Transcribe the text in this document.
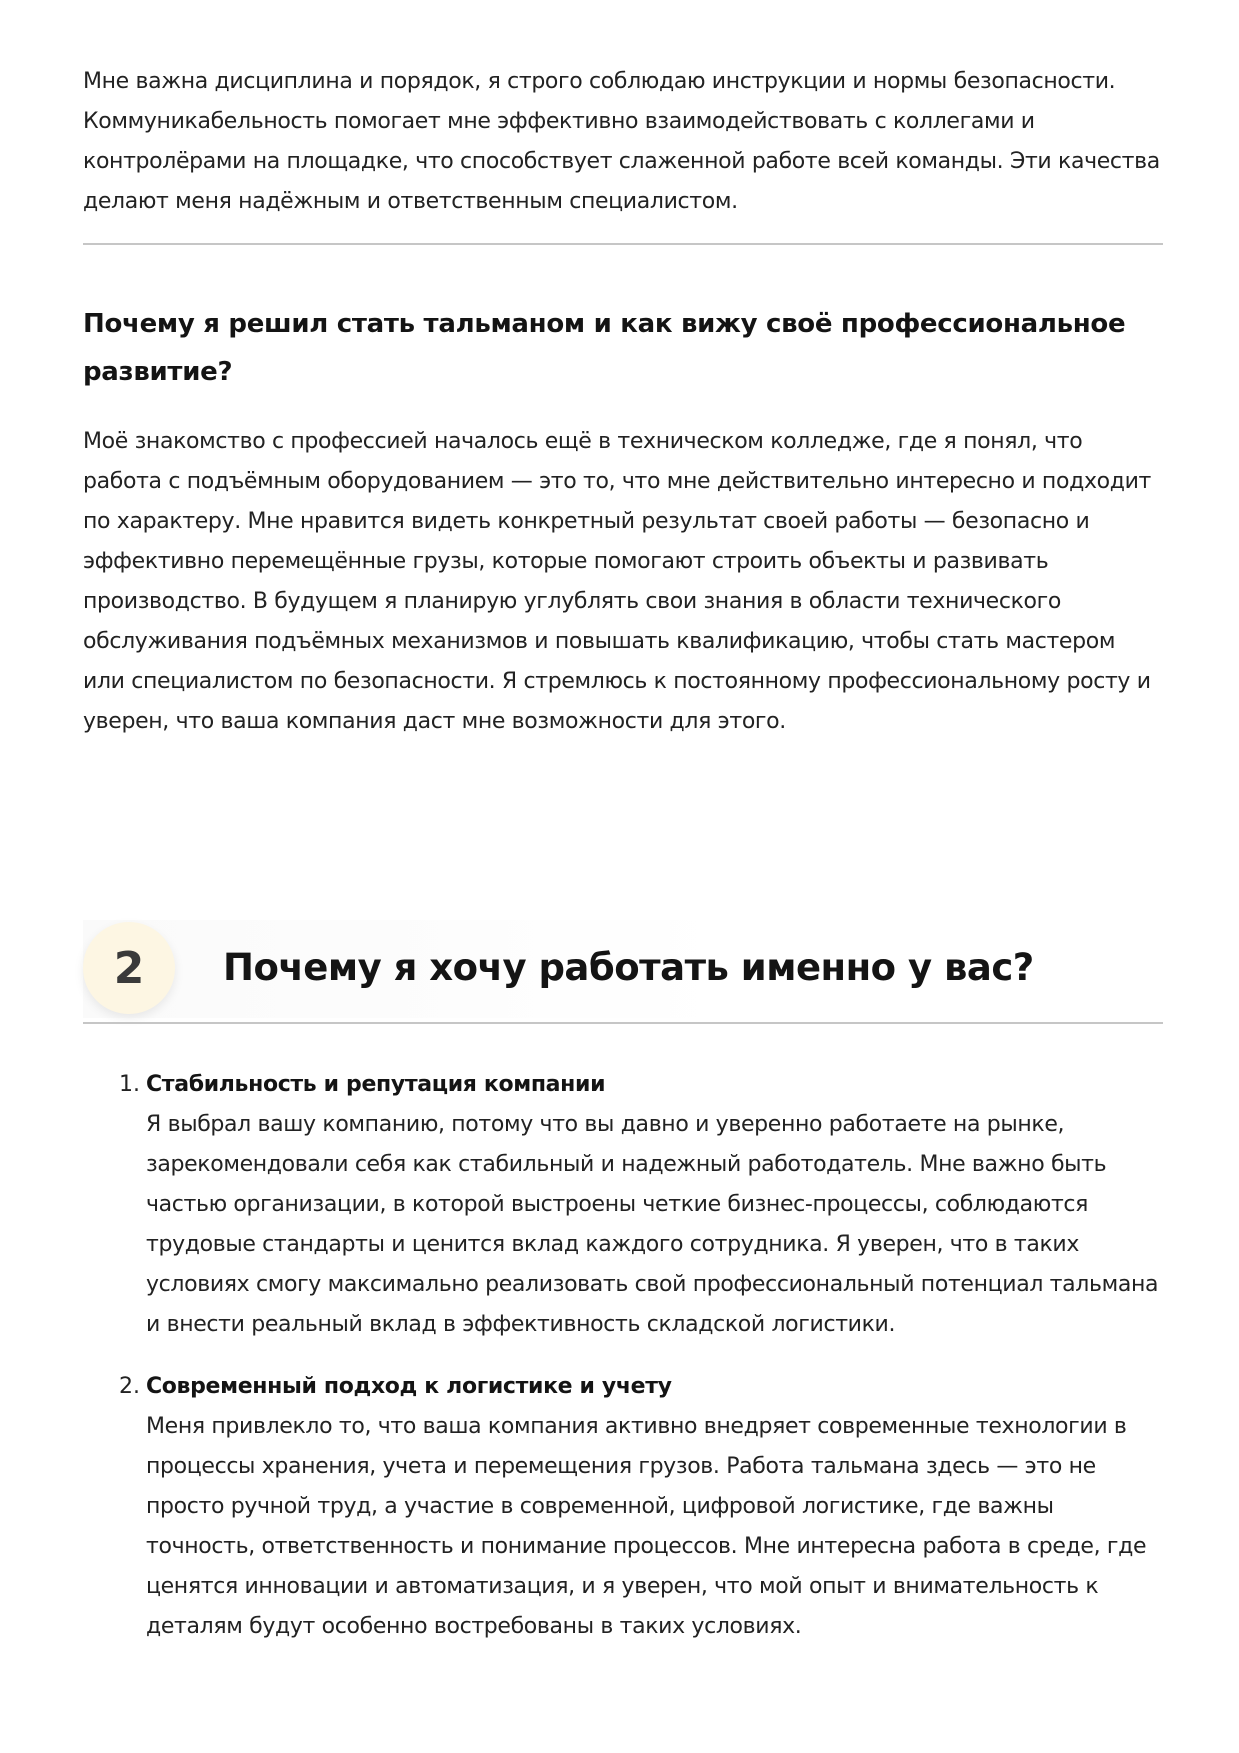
Мне важна дисциплина и порядок, я строго соблюдаю инструкции и нормы безопасности. Коммуникабельность помогает мне эффективно взаимодействовать с коллегами и контролёрами на площадке, что способствует слаженной работе всей команды. Эти качества делают меня надёжным и ответственным специалистом.

Почему я решил стать тальманом и как вижу своё профессиональное развитие?

Моё знакомство с профессией началось ещё в техническом колледже, где я понял, что работа с подъёмным оборудованием — это то, что мне действительно интересно и подходит по характеру. Мне нравится видеть конкретный результат своей работы — безопасно и эффективно перемещённые грузы, которые помогают строить объекты и развивать производство. В будущем я планирую углублять свои знания в области технического обслуживания подъёмных механизмов и повышать квалификацию, чтобы стать мастером или специалистом по безопасности. Я стремлюсь к постоянному профессиональному росту и уверен, что ваша компания даст мне возможности для этого.

2	Почему я хочу работать именно у вас?
1. Стабильность и репутация компании
Я выбрал вашу компанию, потому что вы давно и уверенно работаете на рынке, зарекомендовали себя как стабильный и надежный работодатель. Мне важно быть частью организации, в которой выстроены четкие бизнес-процессы, соблюдаются трудовые стандарты и ценится вклад каждого сотрудника. Я уверен, что в таких условиях смогу максимально реализовать свой профессиональный потенциал тальмана и внести реальный вклад в эффективность складской логистики.
2. Современный подход к логистике и учету
Меня привлекло то, что ваша компания активно внедряет современные технологии в процессы хранения, учета и перемещения грузов. Работа тальмана здесь — это не просто ручной труд, а участие в современной, цифровой логистике, где важны точность, ответственность и понимание процессов. Мне интересна работа в среде, где ценятся инновации и автоматизация, и я уверен, что мой опыт и внимательность к деталям будут особенно востребованы в таких условиях.
